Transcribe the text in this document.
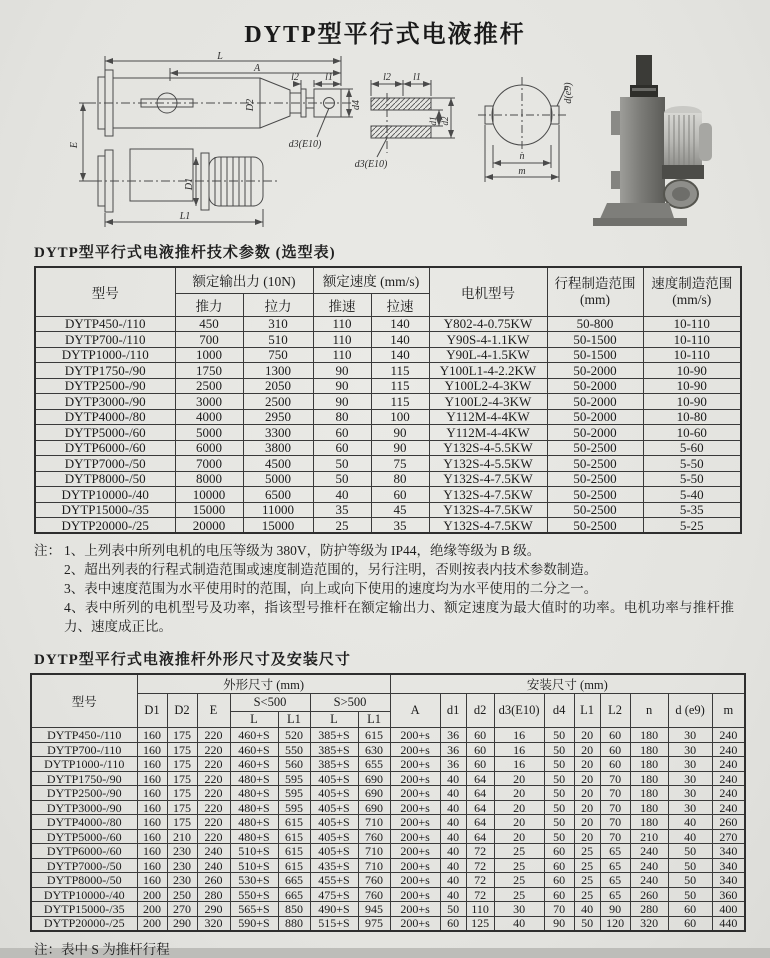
DYTP型平行式电液推杆
L
A
l2	l1
D2	d4
d3(E10)
E
D1
L1
l2 l1
d1 d2
d3(E10)
d(e9)
n
m
DYTP型平行式电液推杆技术参数 (选型表)
型号	额定输出力 (10N)		额定速度 (mm/s)		电机型号	行程制造范围
(mm)	速度制造范围
(mm/s)
	推力	拉力	推速	拉速			
DYTP450-/110	450	310	110	140	Y802-4-0.75KW	50-800	10-110
DYTP700-/110	700	510	110	140	Y90S-4-1.1KW	50-1500	10-110
DYTP1000-/110	1000	750	110	140	Y90L-4-1.5KW	50-1500	10-110
DYTP1750-/90	1750	1300	90	115	Y100L1-4-2.2KW	50-2000	10-90
DYTP2500-/90	2500	2050	90	115	Y100L2-4-3KW	50-2000	10-90
DYTP3000-/90	3000	2500	90	115	Y100L2-4-3KW	50-2000	10-90
DYTP4000-/80	4000	2950	80	100	Y112M-4-4KW	50-2000	10-80
DYTP5000-/60	5000	3300	60	90	Y112M-4-4KW	50-2000	10-60
DYTP6000-/60	6000	3800	60	90	Y132S-4-5.5KW	50-2500	5-60
DYTP7000-/50	7000	4500	50	75	Y132S-4-5.5KW	50-2500	5-50
DYTP8000-/50	8000	5000	50	80	Y132S-4-7.5KW	50-2500	5-50
DYTP10000-/40	10000	6500	40	60	Y132S-4-7.5KW	50-2500	5-40
DYTP15000-/35	15000	11000	35	45	Y132S-4-7.5KW	50-2500	5-35
DYTP20000-/25	20000	15000	25	35	Y132S-4-7.5KW	50-2500	5-25
注： 1、上列表中所列电机的电压等级为 380V，防护等级为 IP44，绝缘等级为 B 级。
2、超出列表的行程式制造范围或速度制造范围的，另行注明，否则按表内技术参数制造。
3、表中速度范围为水平使用时的范围，向上或向下使用的速度均为水平使用的二分之一。
4、表中所列的电机型号及功率，指该型号推杆在额定输出力、额定速度为最大值时的功率。电机功率与推杆推力、速度成正比。
DYTP型平行式电液推杆外形尺寸及安装尺寸
型号	外形尺寸 (mm)							安装尺寸 (mm)									
	D1	D2	E	S<500		S>500		A	d1	d2	d3(E10)	d4	L1	L2	n	d (e9)	m
				L	L1	L	L1										
DYTP450-/110	160	175	220	460+S	520	385+S	615	200+s	36	60	16	50	20	60	180	30	240
DYTP700-/110	160	175	220	460+S	550	385+S	630	200+s	36	60	16	50	20	60	180	30	240
DYTP1000-/110	160	175	220	460+S	560	385+S	655	200+s	36	60	16	50	20	60	180	30	240
DYTP1750-/90	160	175	220	480+S	595	405+S	690	200+s	40	64	20	50	20	70	180	30	240
DYTP2500-/90	160	175	220	480+S	595	405+S	690	200+s	40	64	20	50	20	70	180	30	240
DYTP3000-/90	160	175	220	480+S	595	405+S	690	200+s	40	64	20	50	20	70	180	30	240
DYTP4000-/80	160	175	220	480+S	615	405+S	710	200+s	40	64	20	50	20	70	180	40	260
DYTP5000-/60	160	210	220	480+S	615	405+S	760	200+s	40	64	20	50	20	70	210	40	270
DYTP6000-/60	160	230	240	510+S	615	405+S	710	200+s	40	72	25	60	25	65	240	50	340
DYTP7000-/50	160	230	240	510+S	615	435+S	710	200+s	40	72	25	60	25	65	240	50	340
DYTP8000-/50	160	230	260	530+S	665	455+S	760	200+s	40	72	25	60	25	65	240	50	340
DYTP10000-/40	200	250	280	550+S	665	475+S	760	200+s	40	72	25	60	25	65	260	50	360
DYTP15000-/35	200	270	290	565+S	850	490+S	945	200+s	50	110	30	70	40	90	280	60	400
DYTP20000-/25	200	290	320	590+S	880	515+S	975	200+s	60	125	40	90	50	120	320	60	440
注：表中 S 为推杆行程
